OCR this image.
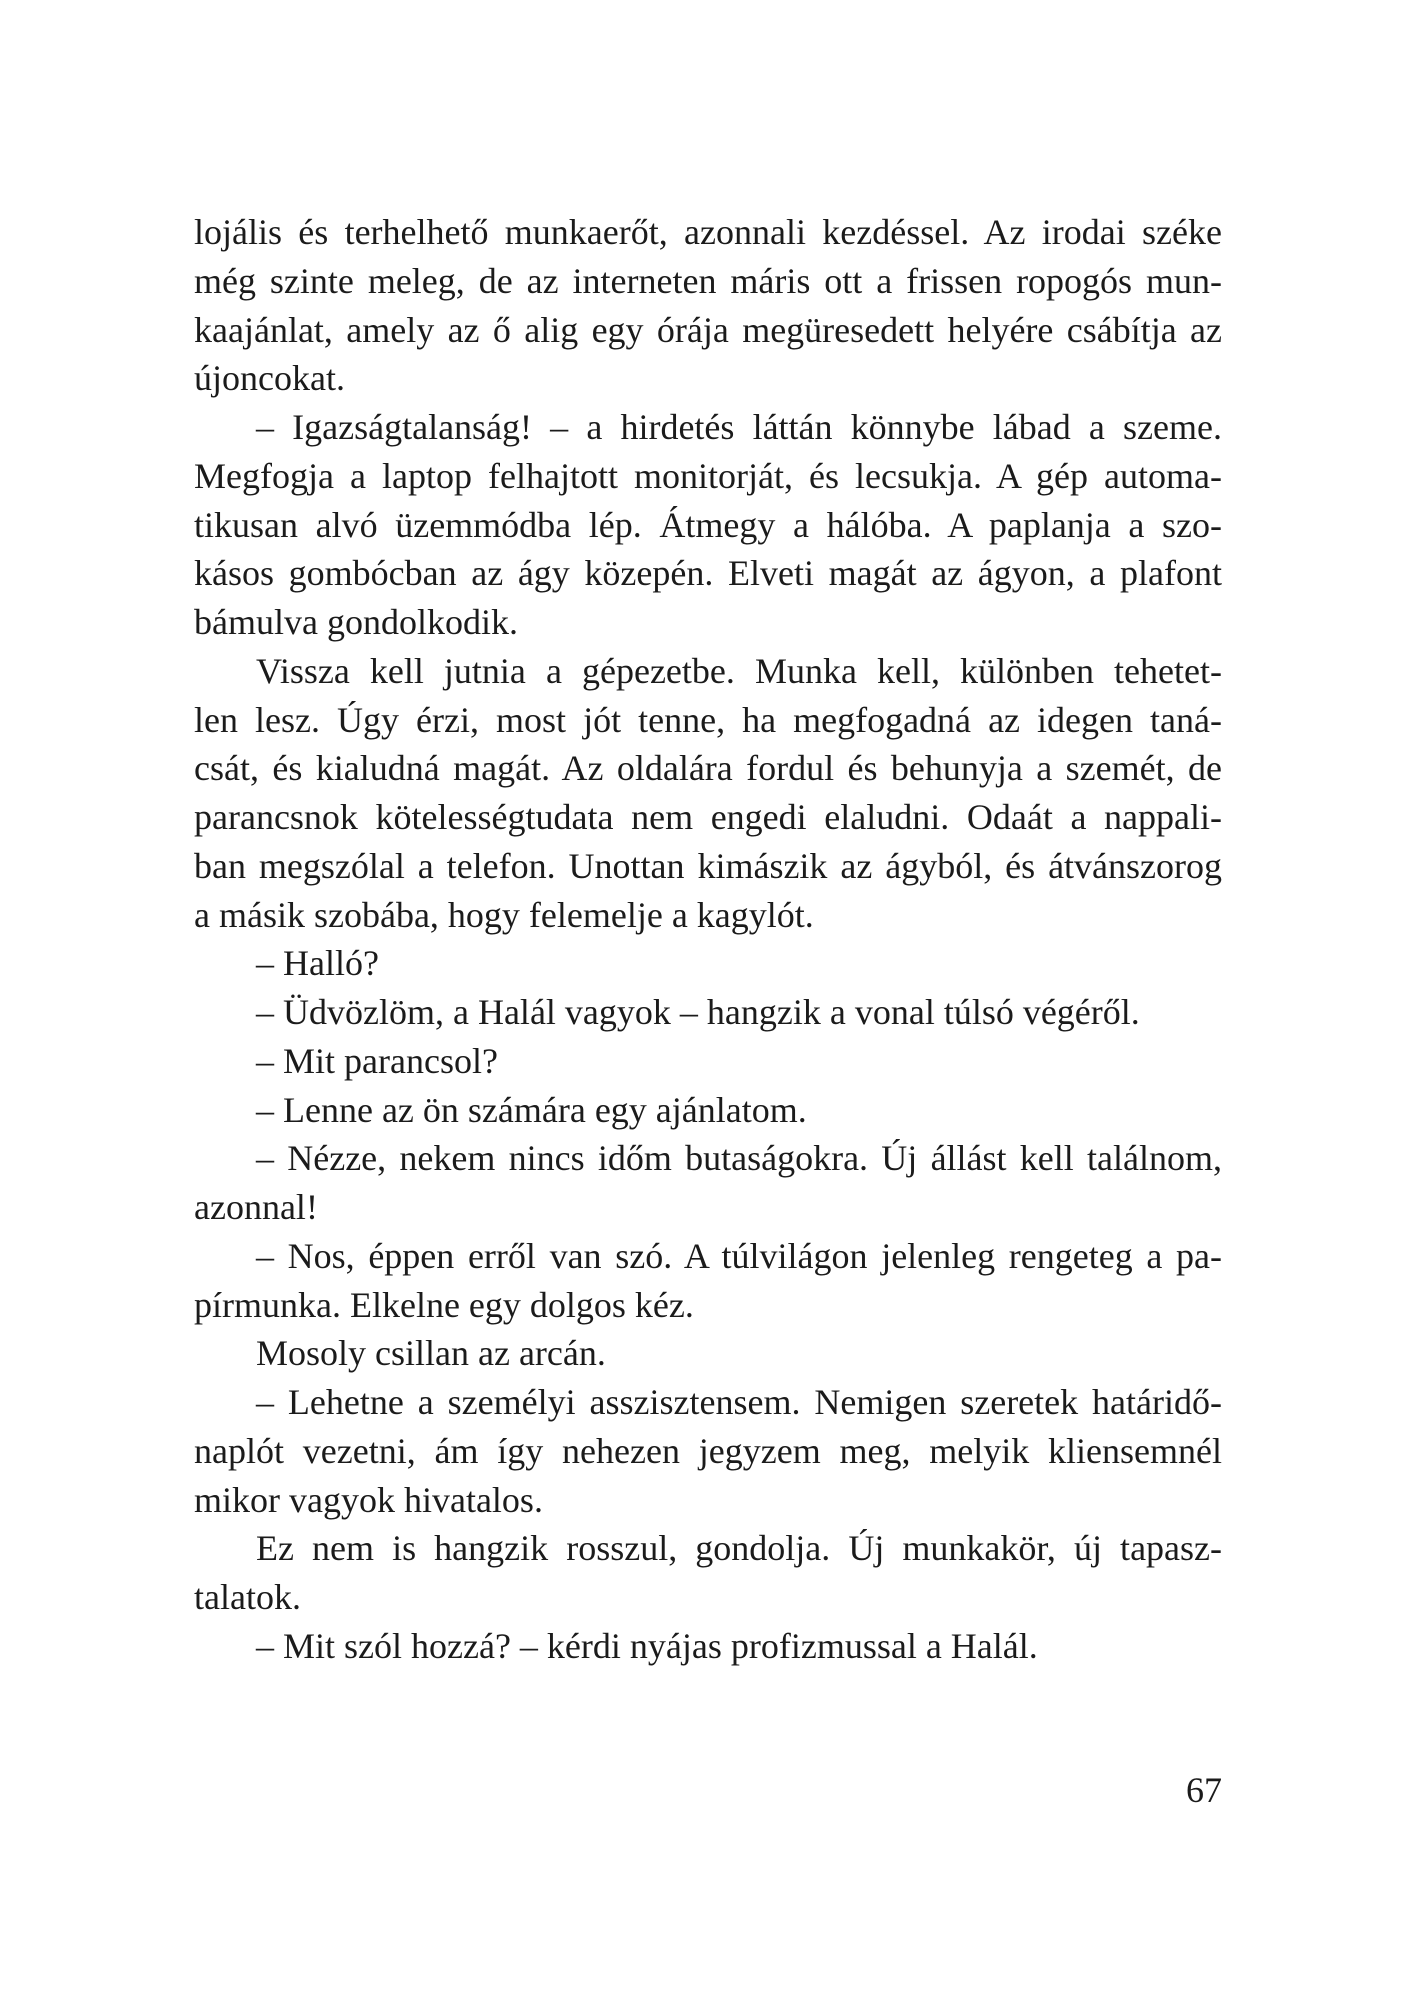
lojális és terhelhető munkaerőt, azonnali kezdéssel. Az irodai széke
még szinte meleg, de az interneten máris ott a frissen ropogós mun-
kaajánlat, amely az ő alig egy órája megüresedett helyére csábítja az
újoncokat.
– Igazságtalanság! – a hirdetés láttán könnybe lábad a szeme.
Megfogja a laptop felhajtott monitorját, és lecsukja. A gép automa-
tikusan alvó üzemmódba lép. Átmegy a hálóba. A paplanja a szo-
kásos gombócban az ágy közepén. Elveti magát az ágyon, a plafont
bámulva gondolkodik.
Vissza kell jutnia a gépezetbe. Munka kell, különben tehetet-
len lesz. Úgy érzi, most jót tenne, ha megfogadná az idegen taná-
csát, és kialudná magát. Az oldalára fordul és behunyja a szemét, de
parancsnok kötelességtudata nem engedi elaludni. Odaát a nappali-
ban megszólal a telefon. Unottan kimászik az ágyból, és átvánszorog
a másik szobába, hogy felemelje a kagylót.
– Halló?
– Üdvözlöm, a Halál vagyok – hangzik a vonal túlsó végéről.
– Mit parancsol?
– Lenne az ön számára egy ajánlatom.
– Nézze, nekem nincs időm butaságokra. Új állást kell találnom,
azonnal!
– Nos, éppen erről van szó. A túlvilágon jelenleg rengeteg a pa-
pírmunka. Elkelne egy dolgos kéz.
Mosoly csillan az arcán.
– Lehetne a személyi asszisztensem. Nemigen szeretek határidő-
naplót vezetni, ám így nehezen jegyzem meg, melyik kliensemnél
mikor vagyok hivatalos.
Ez nem is hangzik rosszul, gondolja. Új munkakör, új tapasz-
talatok.
– Mit szól hozzá? – kérdi nyájas profizmussal a Halál.
67
